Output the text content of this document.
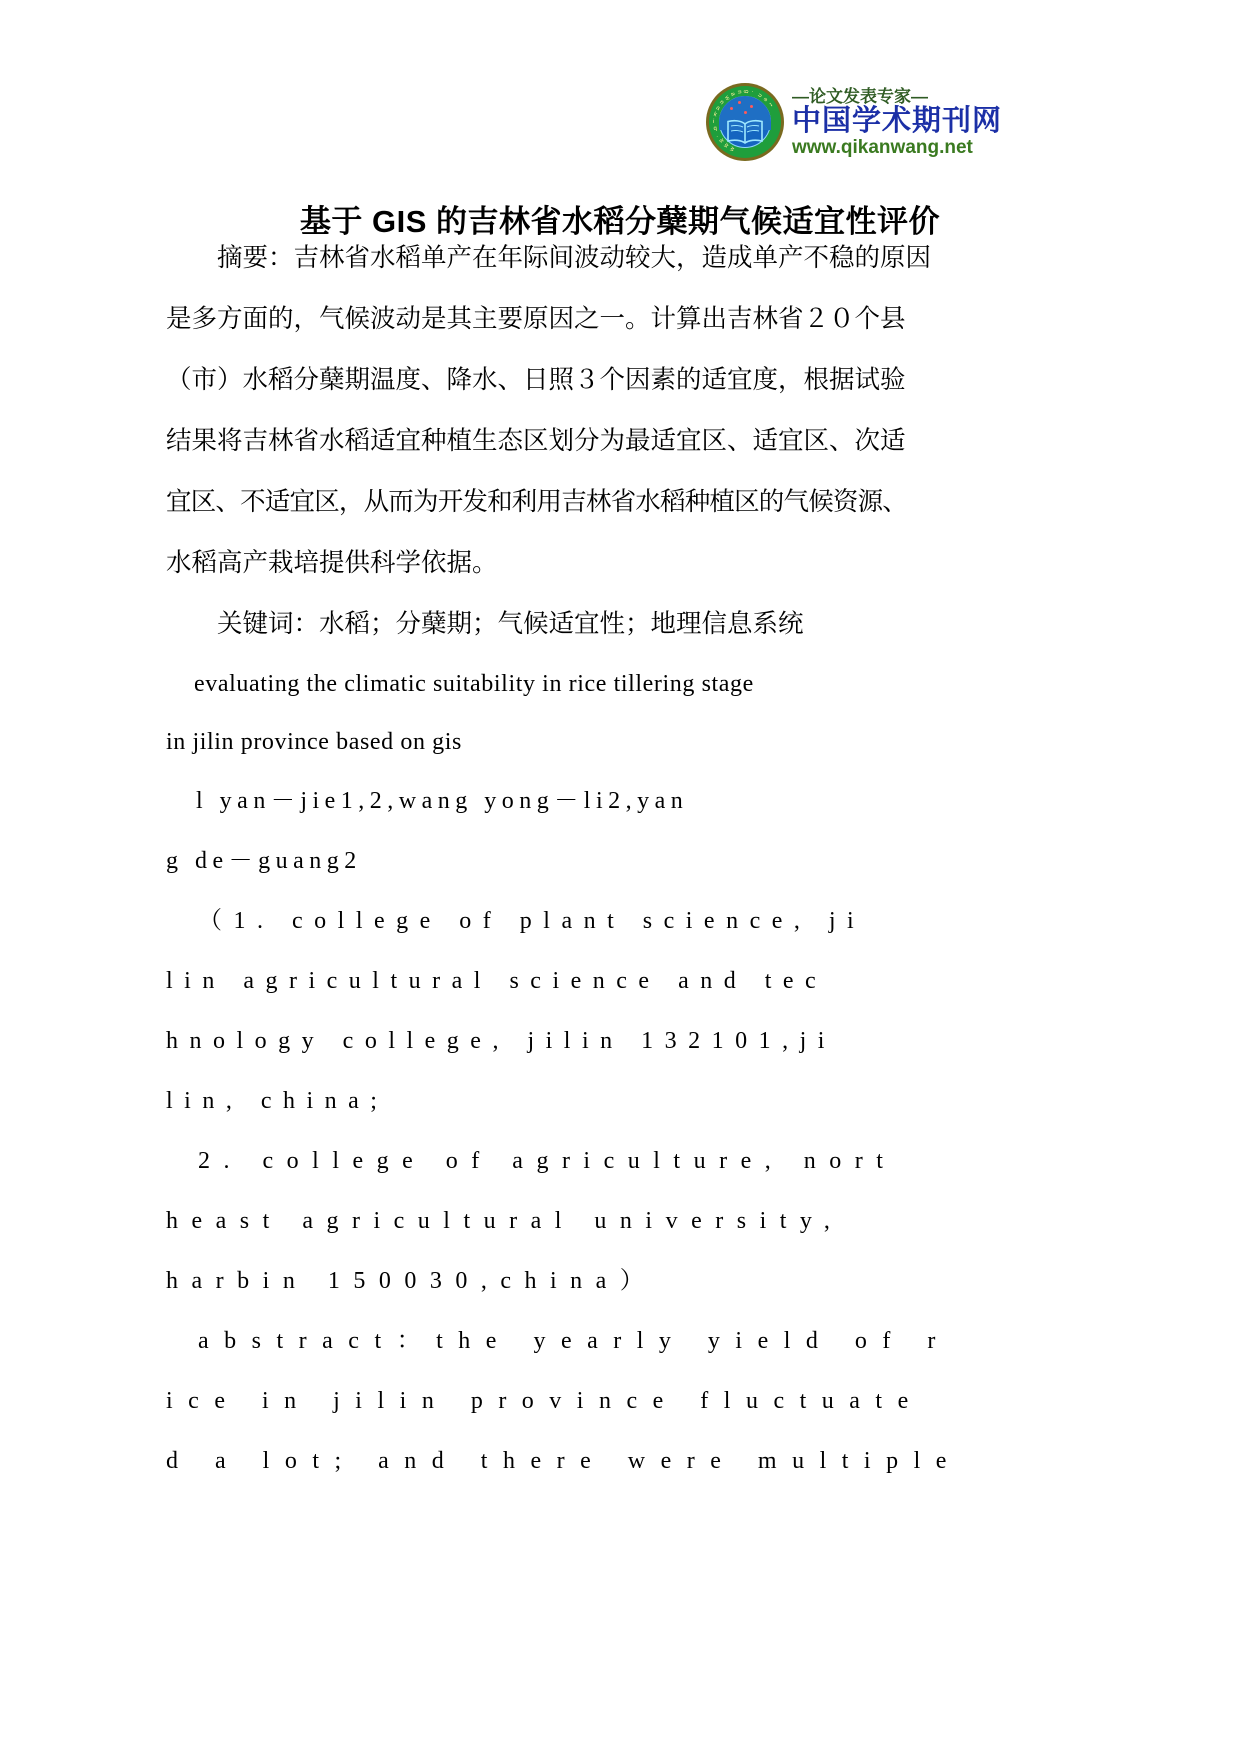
w
w
w
.
q
i
k
a
n
w
a n g .
n
e
t —论文发表专家—
中国学术期刊网
www.qikanwang.net
基于 GIS 的吉林省水稻分蘖期气候适宜性评价

摘要：吉林省水稻单产在年际间波动较大，造成单产不稳的原因

是多方面的，气候波动是其主要原因之一。计算出吉林省２０个县

（市）水稻分蘖期温度、降水、日照３个因素的适宜度，根据试验

结果将吉林省水稻适宜种植生态区划分为最适宜区、适宜区、次适

宜区、不适宜区，从而为开发和利用吉林省水稻种植区的气候资源、

水稻高产栽培提供科学依据。

关键词：水稻；分蘖期；气候适宜性；地理信息系统

evaluating the climatic suitability in rice tillering stage

in jilin province based on gis

l yan－jie1,2,wang yong－li2,yan

g de－guang2

（1. college of plant science, ji

lin agricultural science and tec

hnology college, jilin 132101,ji

lin, china;

2. college of agriculture, nort

heast agricultural university,

harbin 150030,china）

abstract：the yearly yield of r

ice in jilin province fluctuate

d a lot; and there were multiple
